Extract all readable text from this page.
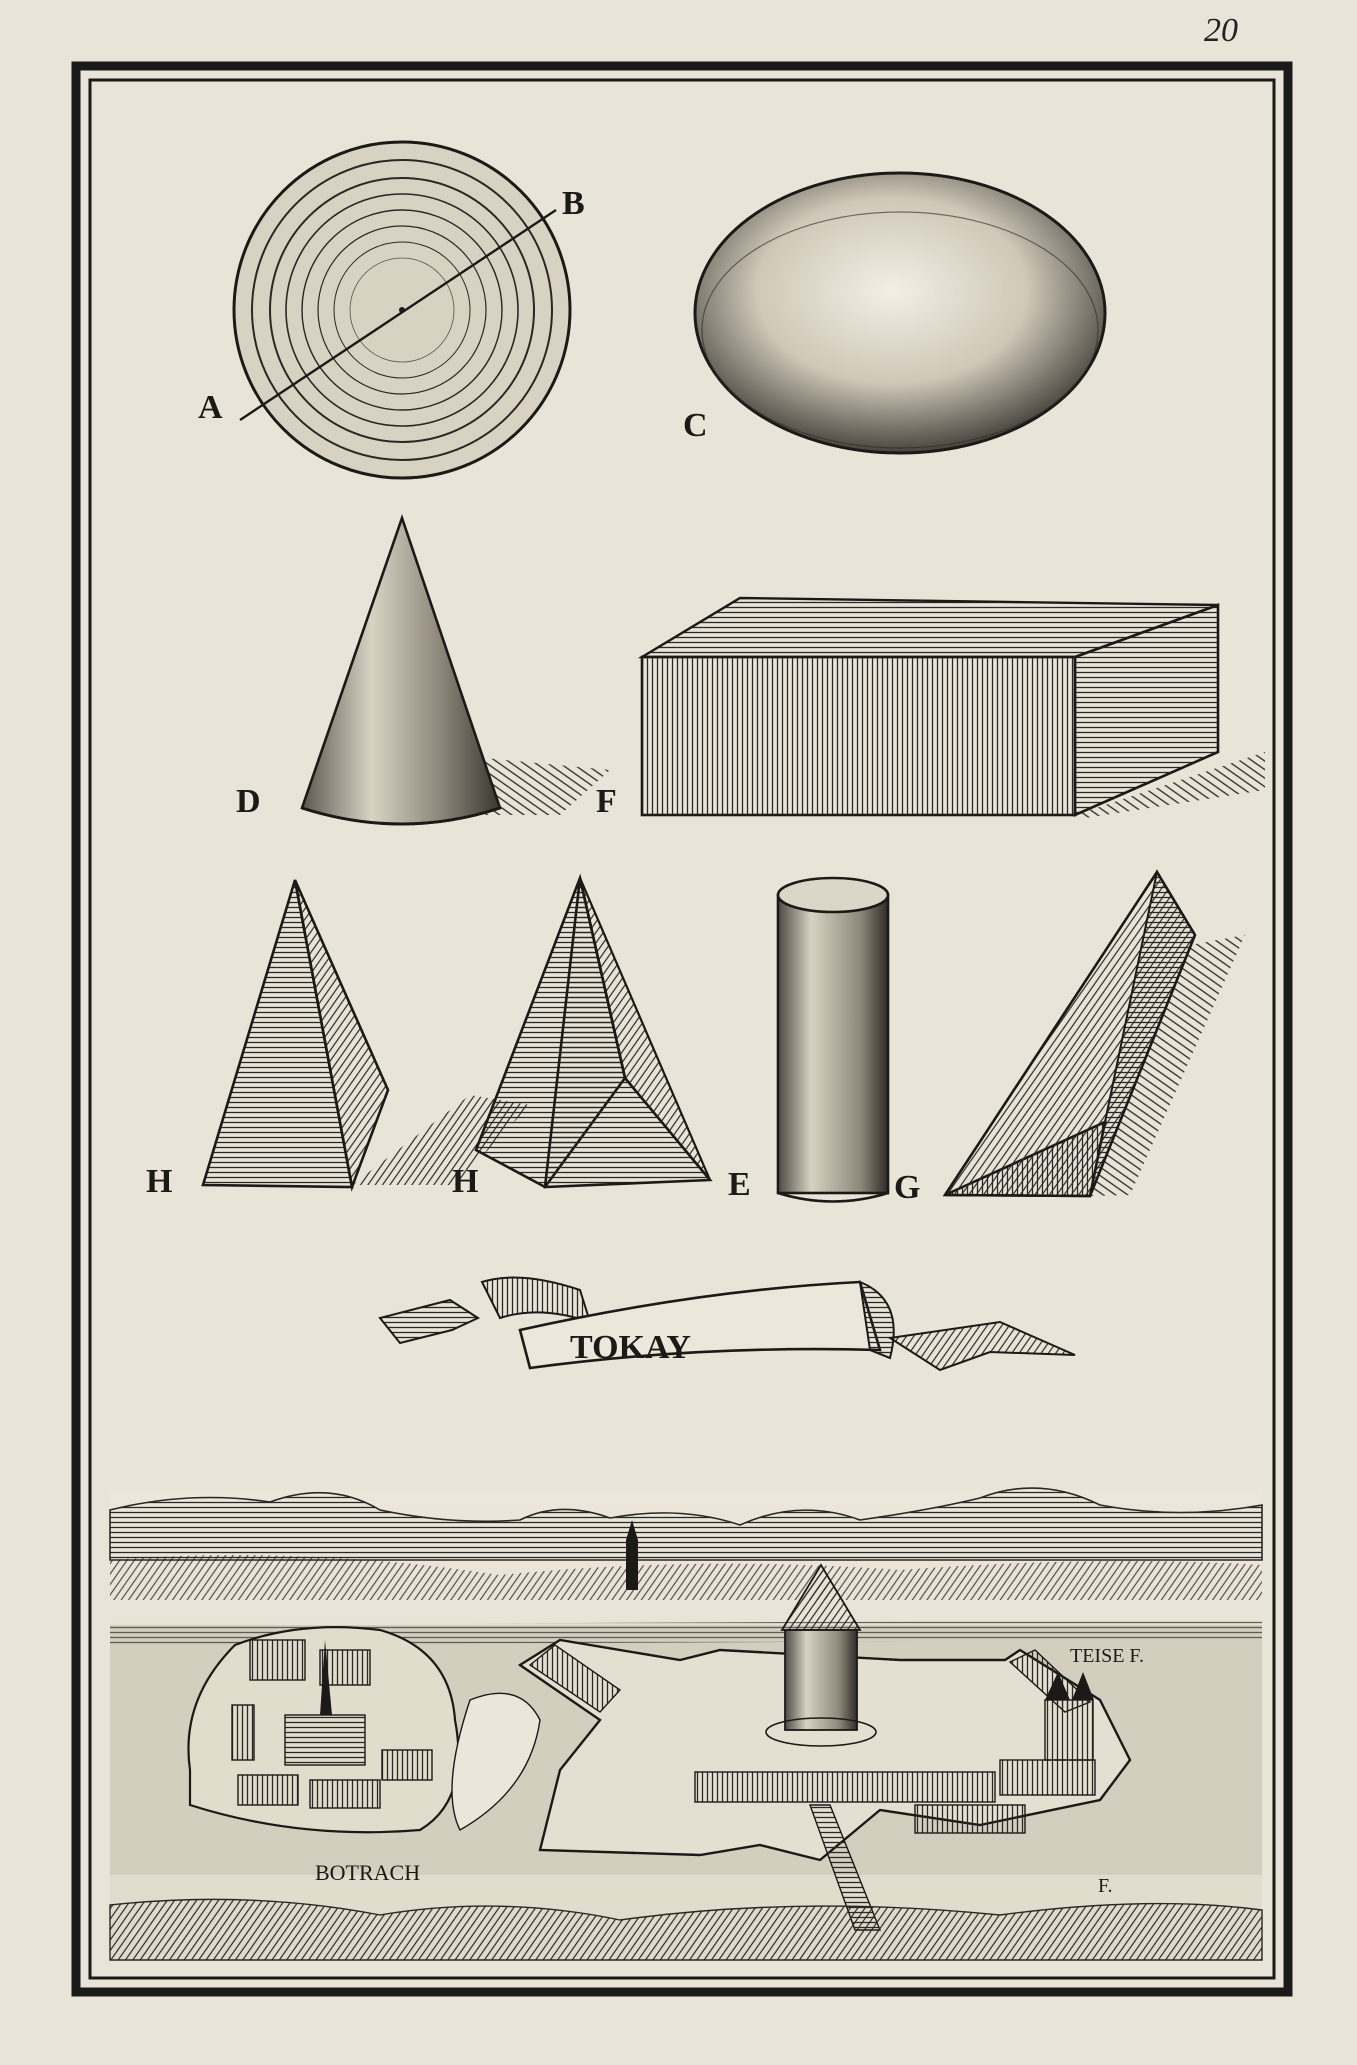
20
A
B
C
D	F
H	H	E	G
TOKAY
BOTRACH
TEISE F.
F.
